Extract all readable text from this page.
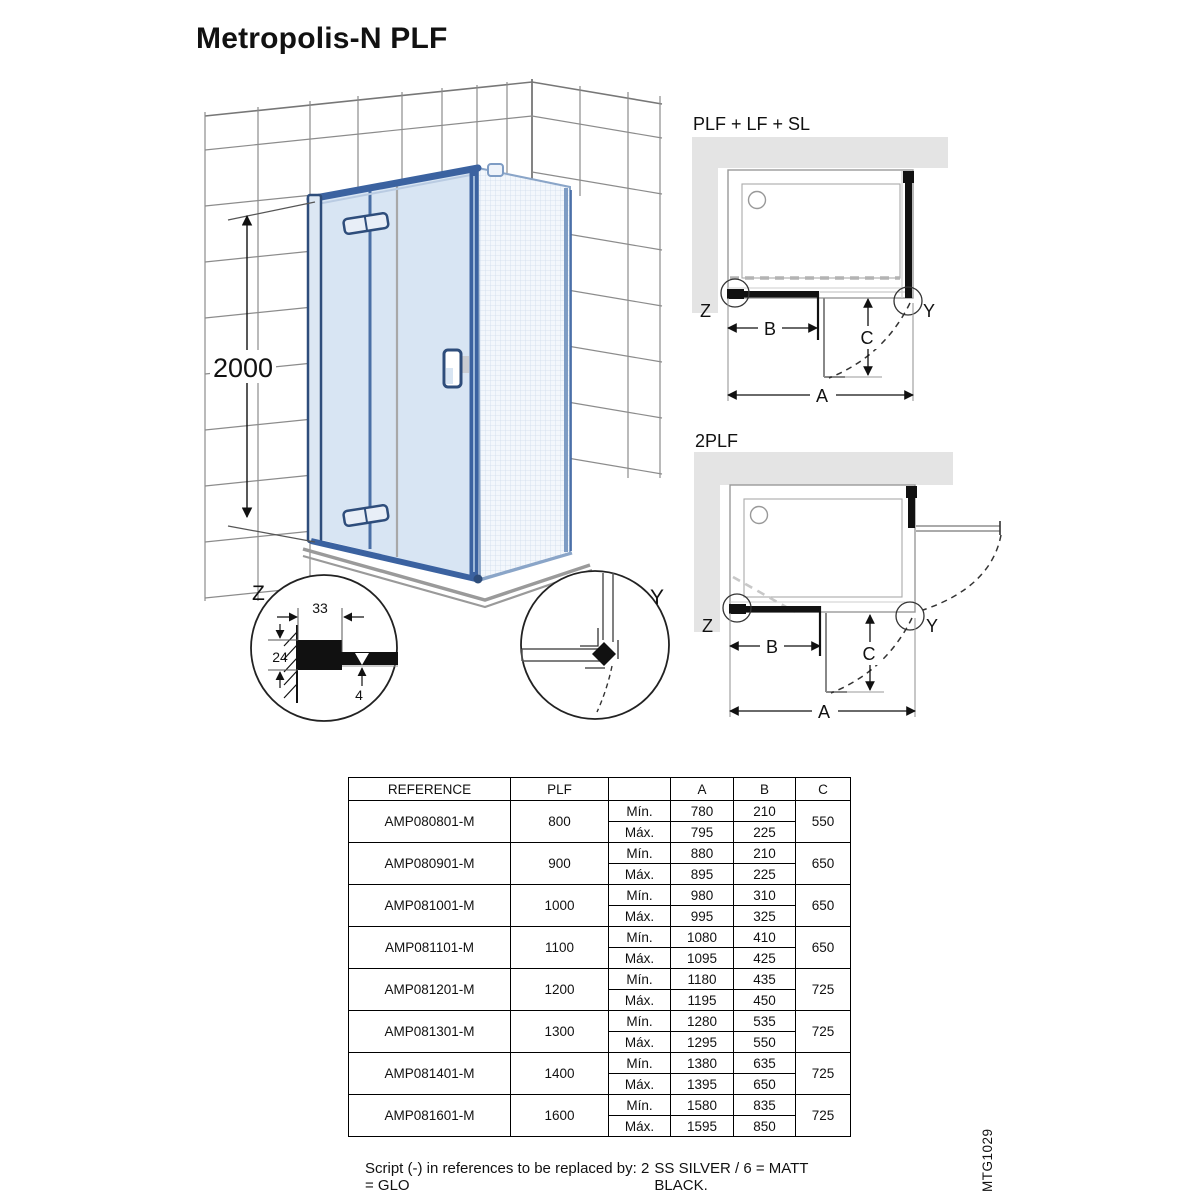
Metropolis-N PLF
2000
PLF + LF + SL
Z	Y
B	C
A
2PLF
Z	Y
B	C
A
Z
33
24
4
Y
MTG1029
REFERENCE	PLF		A	B	C
AMP080801-M	800	Mín.	780	210	550
		Máx.	795	225	
AMP080901-M	900	Mín.	880	210	650
		Máx.	895	225	
AMP081001-M	1000	Mín.	980	310	650
		Máx.	995	325	
AMP081101-M	1100	Mín.	1080	410	650
		Máx.	1095	425	
AMP081201-M	1200	Mín.	1180	435	725
		Máx.	1195	450	
AMP081301-M	1300	Mín.	1280	535	725
		Máx.	1295	550	
AMP081401-M	1400	Mín.	1380	635	725
		Máx.	1395	650	
AMP081601-M	1600	Mín.	1580	835	725
		Máx.	1595	850	
Script (-) in references to be replaced by: 2 = GLO
SS SILVER / 6 = MATT BLACK.
